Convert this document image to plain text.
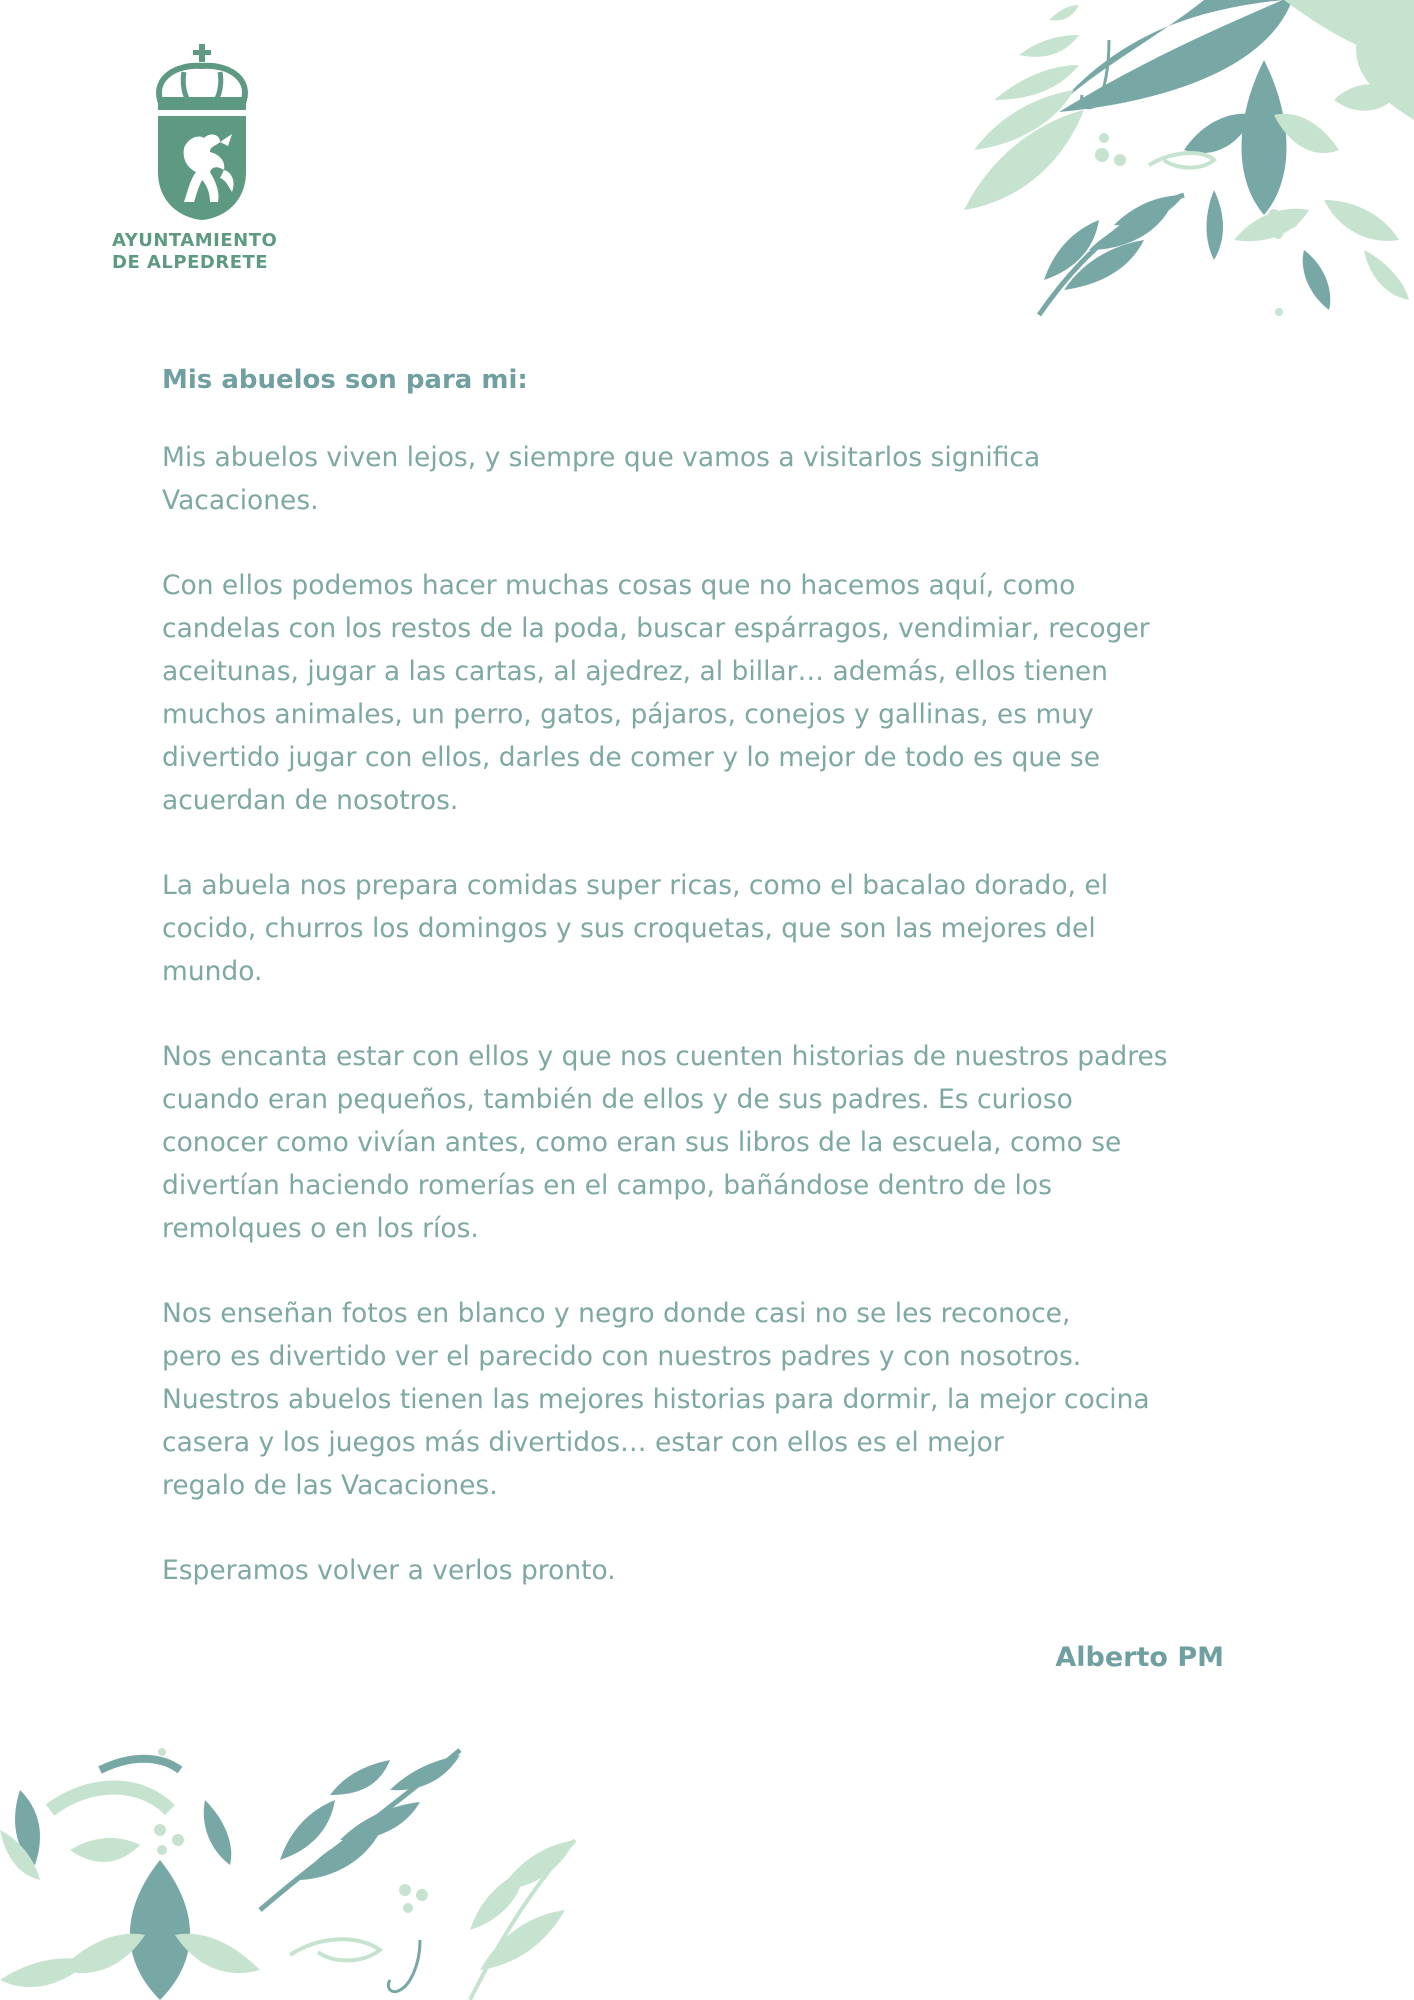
AYUNTAMIENTO
DE ALPEDRETE
Mis abuelos son para mi:

Mis abuelos viven lejos, y siempre que vamos a visitarlos significa
Vacaciones.

Con ellos podemos hacer muchas cosas que no hacemos aquí, como
candelas con los restos de la poda, buscar espárragos, vendimiar, recoger
aceitunas, jugar a las cartas, al ajedrez, al billar… además, ellos tienen
muchos animales, un perro, gatos, pájaros, conejos y gallinas, es muy
divertido jugar con ellos, darles de comer y lo mejor de todo es que se
acuerdan de nosotros.

La abuela nos prepara comidas super ricas, como el bacalao dorado, el
cocido, churros los domingos y sus croquetas, que son las mejores del
mundo.

Nos encanta estar con ellos y que nos cuenten historias de nuestros padres
cuando eran pequeños, también de ellos y de sus padres. Es curioso
conocer como vivían antes, como eran sus libros de la escuela, como se
divertían haciendo romerías en el campo, bañándose dentro de los
remolques o en los ríos.

Nos enseñan fotos en blanco y negro donde casi no se les reconoce,
pero es divertido ver el parecido con nuestros padres y con nosotros.
Nuestros abuelos tienen las mejores historias para dormir, la mejor cocina
casera y los juegos más divertidos… estar con ellos es el mejor
regalo de las Vacaciones.

Esperamos volver a verlos pronto.

Alberto PM
